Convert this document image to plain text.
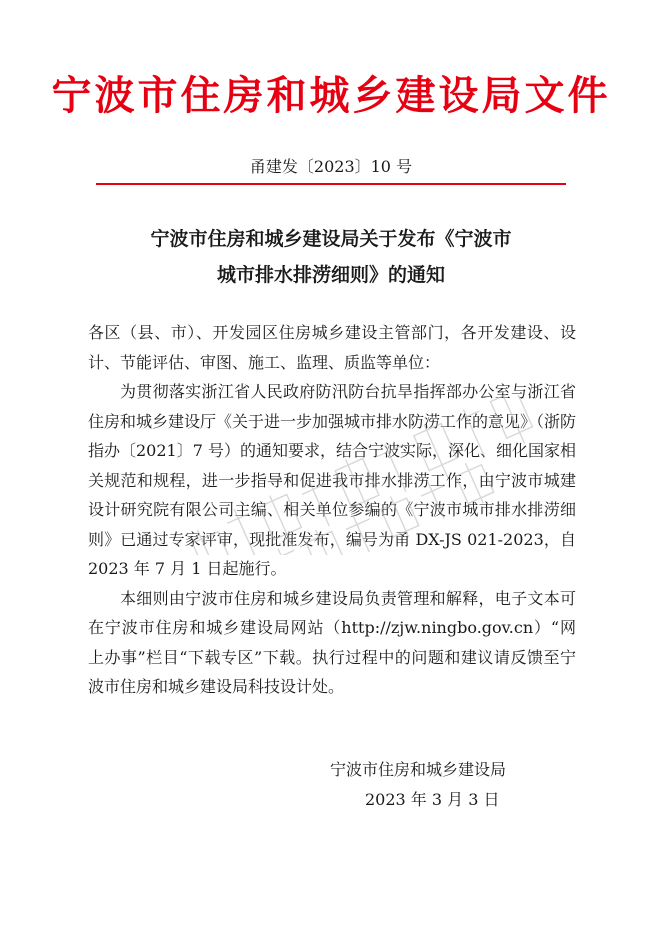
宁波市住房和城乡建设局文件
甬建发〔2023〕10 号
宁波市住房和城乡建设局关于发布《宁波市
城市排水排涝细则》的通知

各区（县、市）、开发园区住房城乡建设主管部门，各开发建设、设计、节能评估、审图、施工、监理、质监等单位：

为贯彻落实浙江省人民政府防汛防台抗旱指挥部办公室与浙江省住房和城乡建设厅《关于进一步加强城市排水防涝工作的意见》（浙防指办〔2021〕7 号）的通知要求，结合宁波实际，深化、细化国家相关规范和规程，进一步指导和促进我市排水排涝工作，由宁波市城建设计研究院有限公司主编、相关单位参编的《宁波市城市排水排涝细则》已通过专家评审，现批准发布，编号为甬 DX-JS 021-2023，自 2023 年 7 月 1 日起施行。

本细则由宁波市住房和城乡建设局负责管理和解释，电子文本可在宁波市住房和城乡建设局网站（http://zjw.ningbo.gov.cn）“网上办事”栏目“下载专区”下载。执行过程中的问题和建议请反馈至宁波市住房和城乡建设局科技设计处。

宁波市住房和城乡建设局
2023 年 3 月 3 日
